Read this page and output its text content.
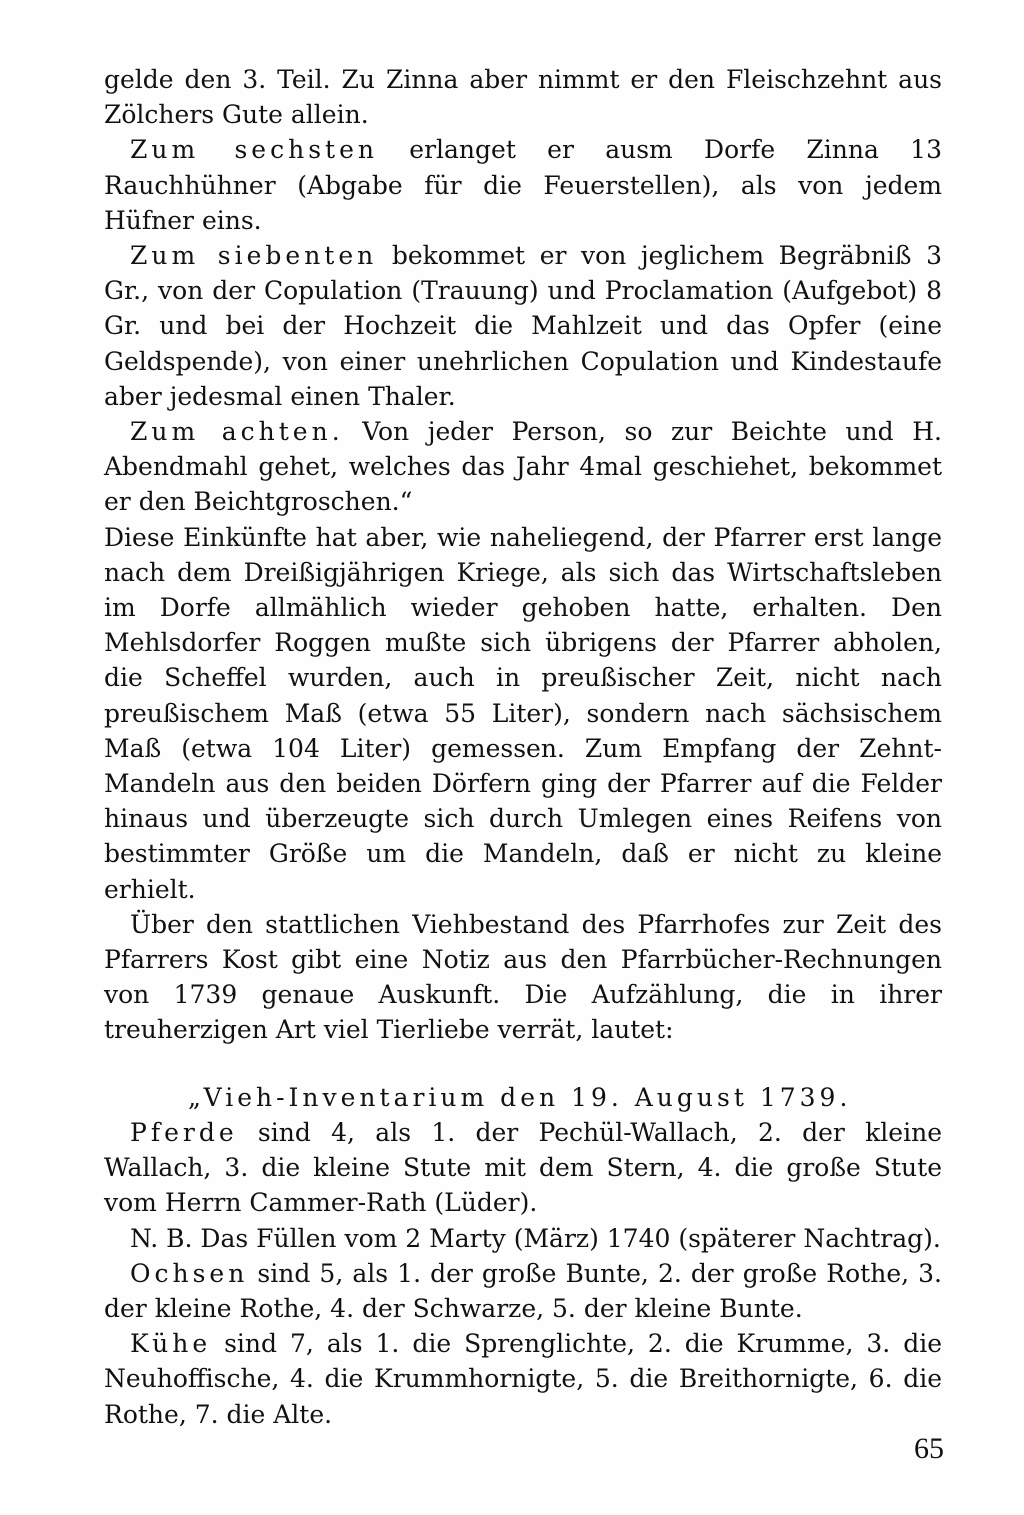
gelde den 3. Teil. Zu Zinna aber nimmt er den Fleischzehnt aus Zölchers Gute allein.

Zum sechsten erlanget er ausm Dorfe Zinna 13 Rauchhühner (Abgabe für die Feuerstellen), als von jedem Hüfner eins.

Zum siebenten bekommet er von jeglichem Begräbniß 3 Gr., von der Copulation (Trauung) und Proclamation (Aufgebot) 8 Gr. und bei der Hochzeit die Mahlzeit und das Opfer (eine Geldspende), von einer unehrlichen Copulation und Kindestaufe aber jedesmal einen Thaler.

Zum achten. Von jeder Person, so zur Beichte und H. Abendmahl gehet, welches das Jahr 4mal geschiehet, bekommet er den Beichtgroschen.“

Diese Einkünfte hat aber, wie naheliegend, der Pfarrer erst lange nach dem Dreißigjährigen Kriege, als sich das Wirtschaftsleben im Dorfe allmählich wieder gehoben hatte, erhalten. Den Mehlsdorfer Roggen mußte sich übrigens der Pfarrer abholen, die Scheffel wurden, auch in preußischer Zeit, nicht nach preußischem Maß (etwa 55 Liter), sondern nach sächsischem Maß (etwa 104 Liter) gemessen. Zum Empfang der Zehnt-Mandeln aus den beiden Dörfern ging der Pfarrer auf die Felder hinaus und überzeugte sich durch Umlegen eines Reifens von bestimmter Größe um die Mandeln, daß er nicht zu kleine erhielt.

Über den stattlichen Viehbestand des Pfarrhofes zur Zeit des Pfarrers Kost gibt eine Notiz aus den Pfarrbücher-Rechnungen von 1739 genaue Auskunft. Die Aufzählung, die in ihrer treuherzigen Art viel Tierliebe verrät, lautet:

„Vieh-Inventarium den 19. August 1739.

Pferde sind 4, als 1. der Pechül-Wallach, 2. der kleine Wallach, 3. die kleine Stute mit dem Stern, 4. die große Stute vom Herrn Cammer-Rath (Lüder).

N. B. Das Füllen vom 2 Marty (März) 1740 (späterer Nachtrag).

Ochsen sind 5, als 1. der große Bunte, 2. der große Rothe, 3. der kleine Rothe, 4. der Schwarze, 5. der kleine Bunte.

Kühe sind 7, als 1. die Sprenglichte, 2. die Krumme, 3. die Neuhoffische, 4. die Krummhornigte, 5. die Breithornigte, 6. die Rothe, 7. die Alte.

65
